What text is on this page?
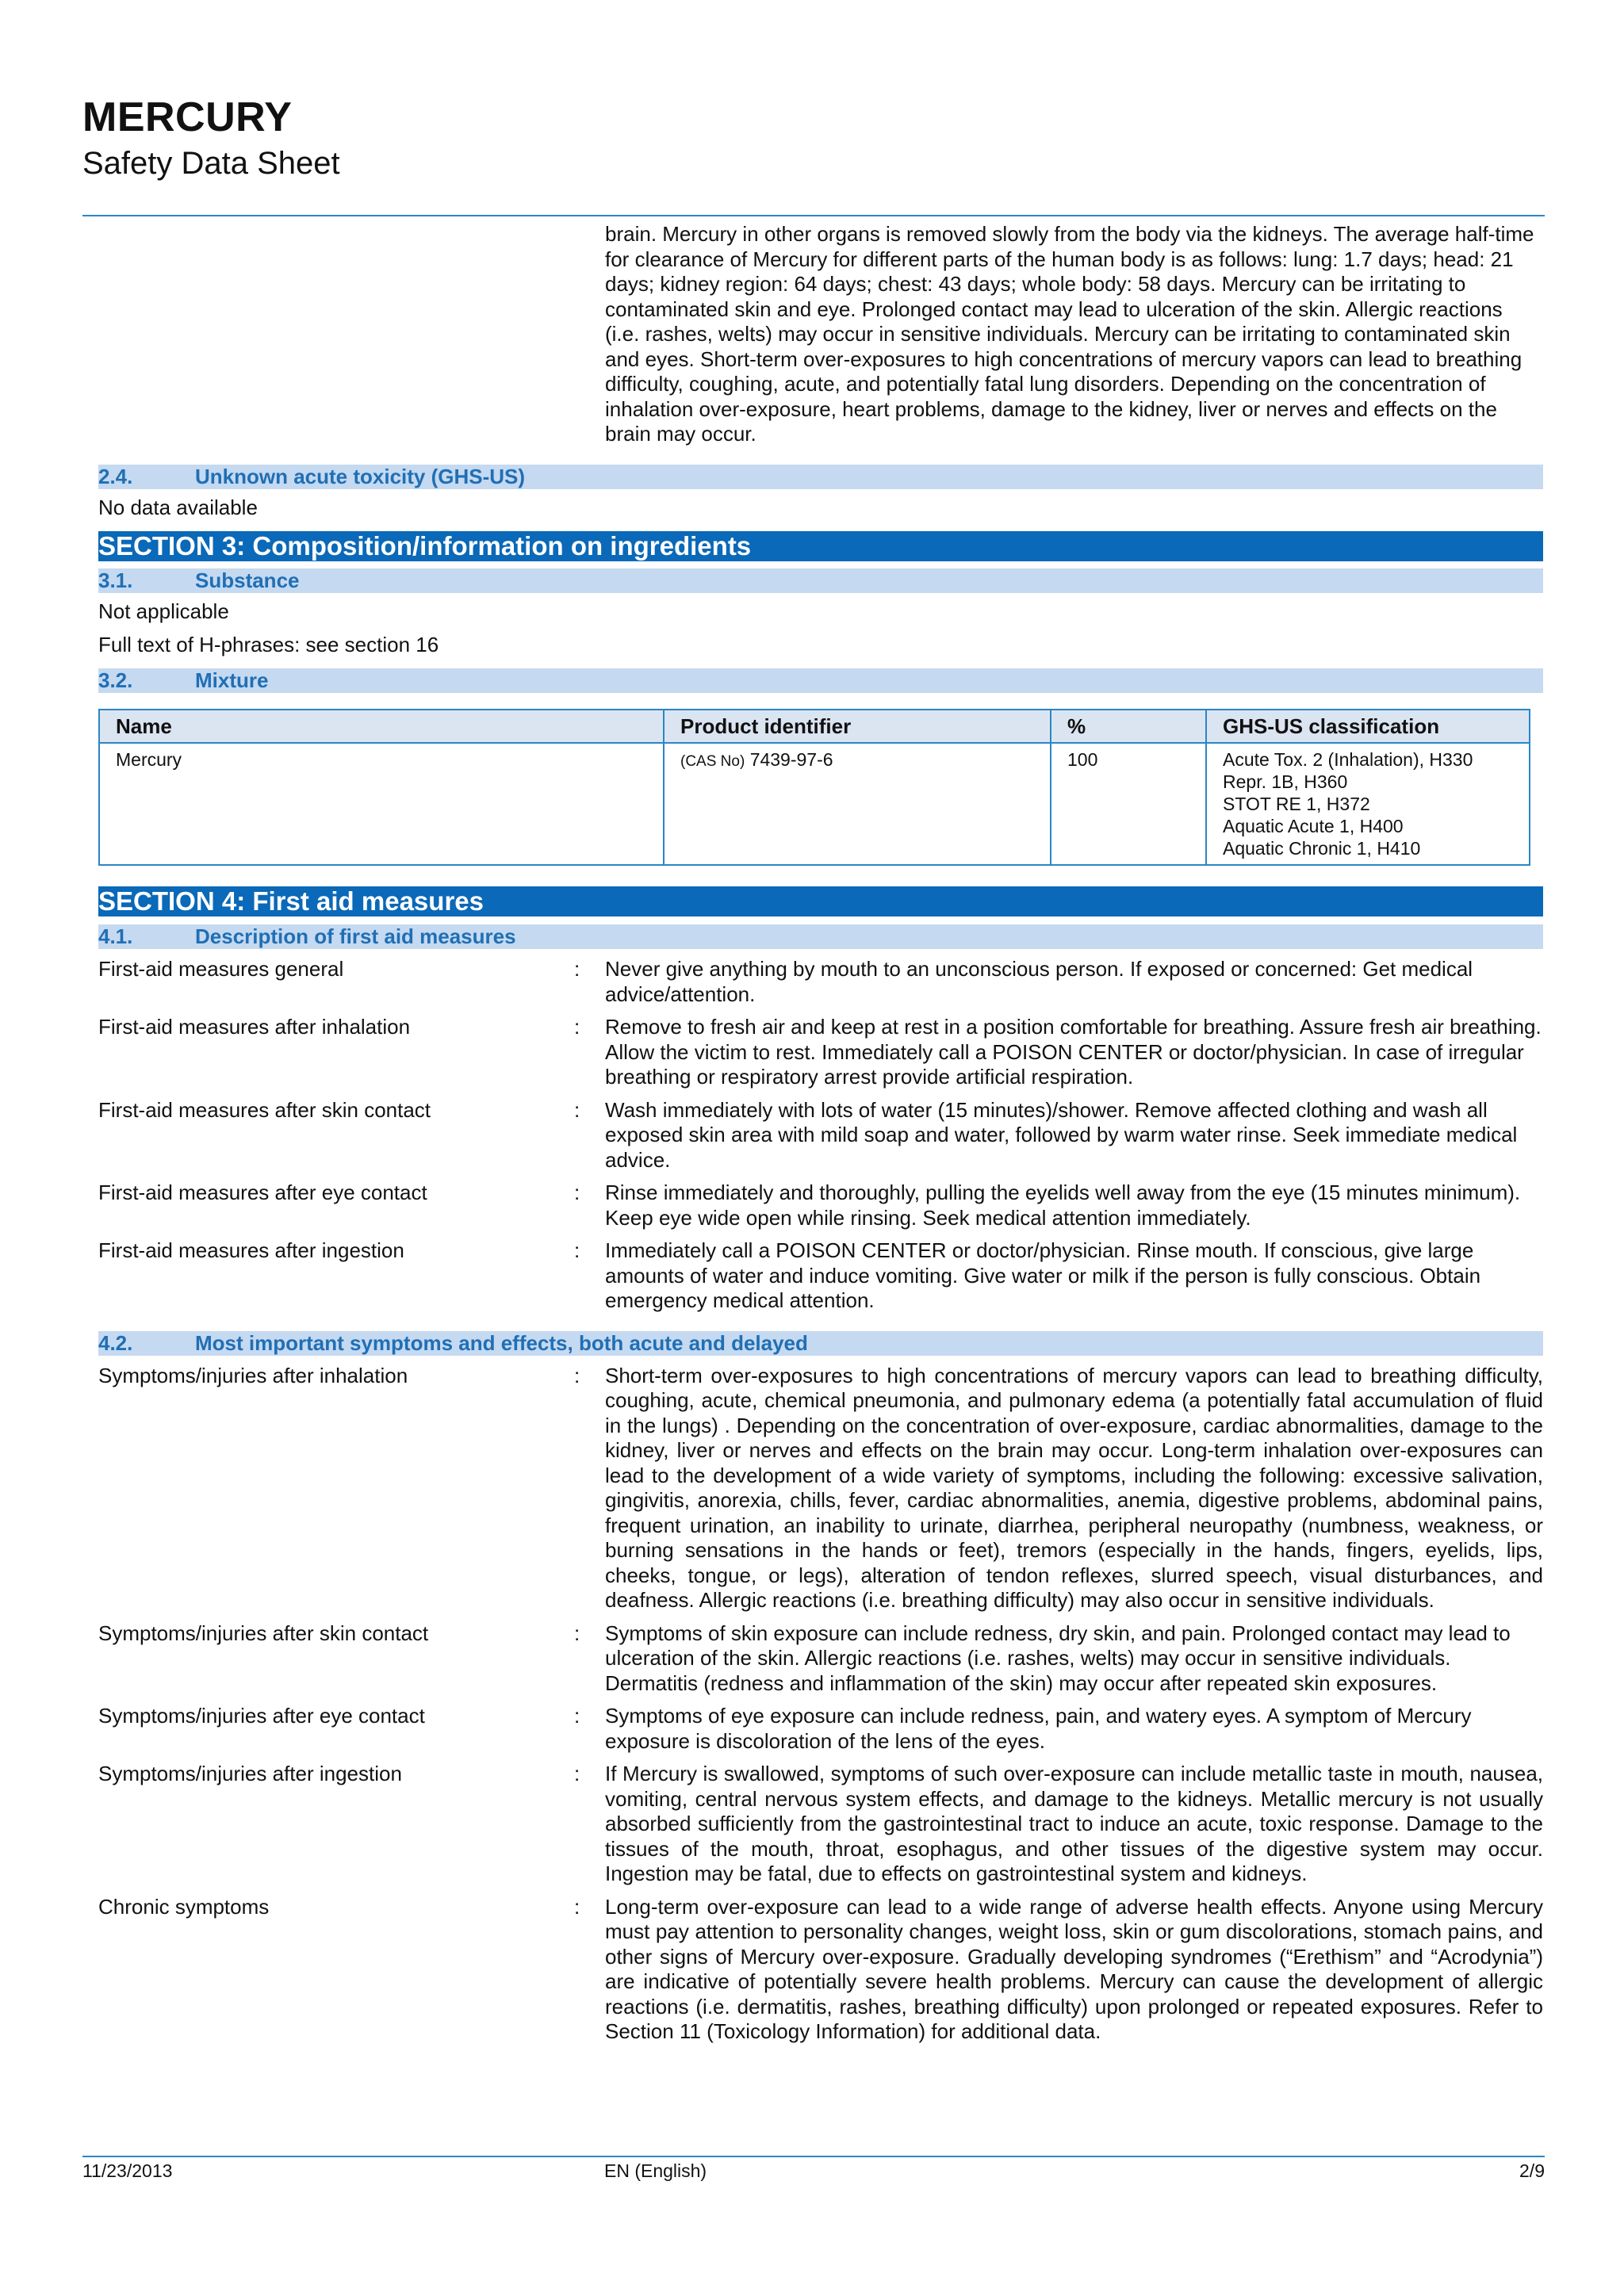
MERCURY
Safety Data Sheet
brain. Mercury in other organs is removed slowly from the body via the kidneys. The average half-time for clearance of Mercury for different parts of the human body is as follows: lung: 1.7 days; head: 21 days; kidney region: 64 days; chest: 43 days; whole body: 58 days. Mercury can be irritating to contaminated skin and eye. Prolonged contact may lead to ulceration of the skin. Allergic reactions (i.e. rashes, welts) may occur in sensitive individuals. Mercury can be irritating to contaminated skin and eyes. Short-term over-exposures to high concentrations of mercury vapors can lead to breathing difficulty, coughing, acute, and potentially fatal lung disorders. Depending on the concentration of inhalation over-exposure, heart problems, damage to the kidney, liver or nerves and effects on the brain may occur.
2.4.	Unknown acute toxicity (GHS-US)
No data available
SECTION 3: Composition/information on ingredients
3.1.	Substance
Not applicable
Full text of H-phrases: see section 16
3.2.	Mixture
Name	Product identifier	%	GHS-US classification
Mercury	(CAS No) 7439-97-6	100	Acute Tox. 2 (Inhalation), H330
Repr. 1B, H360
STOT RE 1, H372
Aquatic Acute 1, H400
Aquatic Chronic 1, H410
SECTION 4: First aid measures
4.1.	Description of first aid measures
First-aid measures general	:	Never give anything by mouth to an unconscious person. If exposed or concerned: Get medical advice/attention.
First-aid measures after inhalation	:	Remove to fresh air and keep at rest in a position comfortable for breathing. Assure fresh air breathing. Allow the victim to rest. Immediately call a POISON CENTER or doctor/physician. In case of irregular breathing or respiratory arrest provide artificial respiration.
First-aid measures after skin contact	:	Wash immediately with lots of water (15 minutes)/shower. Remove affected clothing and wash all exposed skin area with mild soap and water, followed by warm water rinse. Seek immediate medical advice.
First-aid measures after eye contact	:	Rinse immediately and thoroughly, pulling the eyelids well away from the eye (15 minutes minimum). Keep eye wide open while rinsing. Seek medical attention immediately.
First-aid measures after ingestion	:	Immediately call a POISON CENTER or doctor/physician. Rinse mouth. If conscious, give large amounts of water and induce vomiting. Give water or milk if the person is fully conscious. Obtain emergency medical attention.
4.2.	Most important symptoms and effects, both acute and delayed
Symptoms/injuries after inhalation	:	Short-term over-exposures to high concentrations of mercury vapors can lead to breathing difficulty, coughing, acute, chemical pneumonia, and pulmonary edema (a potentially fatal accumulation of fluid in the lungs) . Depending on the concentration of over-exposure, cardiac abnormalities, damage to the kidney, liver or nerves and effects on the brain may occur. Long-term inhalation over-exposures can lead to the development of a wide variety of symptoms, including the following: excessive salivation, gingivitis, anorexia, chills, fever, cardiac abnormalities, anemia, digestive problems, abdominal pains, frequent urination, an inability to urinate, diarrhea, peripheral neuropathy (numbness, weakness, or burning sensations in the hands or feet), tremors (especially in the hands, fingers, eyelids, lips, cheeks, tongue, or legs), alteration of tendon reflexes, slurred speech, visual disturbances, and deafness. Allergic reactions (i.e. breathing difficulty) may also occur in sensitive individuals.
Symptoms/injuries after skin contact	:	Symptoms of skin exposure can include redness, dry skin, and pain. Prolonged contact may lead to ulceration of the skin. Allergic reactions (i.e. rashes, welts) may occur in sensitive individuals. Dermatitis (redness and inflammation of the skin) may occur after repeated skin exposures.
Symptoms/injuries after eye contact	:	Symptoms of eye exposure can include redness, pain, and watery eyes. A symptom of Mercury exposure is discoloration of the lens of the eyes.
Symptoms/injuries after ingestion	:	If Mercury is swallowed, symptoms of such over-exposure can include metallic taste in mouth, nausea, vomiting, central nervous system effects, and damage to the kidneys. Metallic mercury is not usually absorbed sufficiently from the gastrointestinal tract to induce an acute, toxic response. Damage to the tissues of the mouth, throat, esophagus, and other tissues of the digestive system may occur. Ingestion may be fatal, due to effects on gastrointestinal system and kidneys.
Chronic symptoms	:	Long-term over-exposure can lead to a wide range of adverse health effects. Anyone using Mercury must pay attention to personality changes, weight loss, skin or gum discolorations, stomach pains, and other signs of Mercury over-exposure. Gradually developing syndromes (“Erethism” and “Acrodynia”) are indicative of potentially severe health problems. Mercury can cause the development of allergic reactions (i.e. dermatitis, rashes, breathing difficulty) upon prolonged or repeated exposures. Refer to Section 11 (Toxicology Information) for additional data.
11/23/2013	EN (English)	2/9
